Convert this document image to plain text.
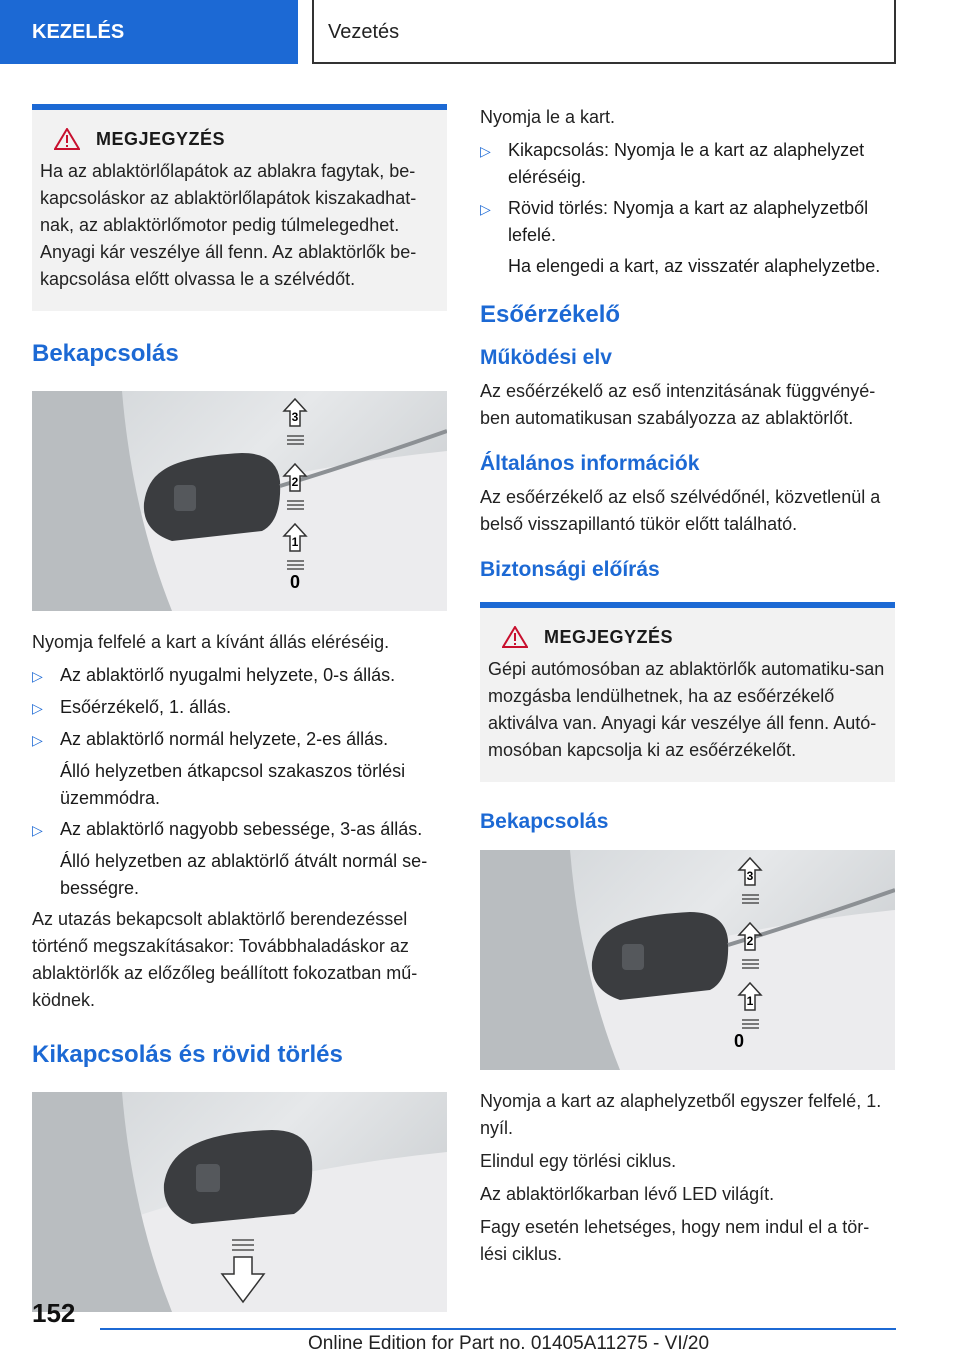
KEZELÉS	Vezetés
MEGJEGYZÉS
Ha az ablaktörlőlapátok az ablakra fagytak, be-kapcsoláskor az ablaktörlőlapátok kiszakadhat-nak, az ablaktörlőmotor pedig túlmelegedhet. Anyagi kár veszélye áll fenn. Az ablaktörlők be-kapcsolása előtt olvassa le a szélvédőt.
Bekapcsolás
3
2
1
0

Nyomja felfelé a kart a kívánt állás eléréséig.

▷ Az ablaktörlő nyugalmi helyzete, 0-s állás.
▷ Esőérzékelő, 1. állás.
▷ Az ablaktörlő normál helyzete, 2-es állás.
Álló helyzetben átkapcsol szakaszos törlési üzemmódra.
▷ Az ablaktörlő nagyobb sebessége, 3-as állás.
Álló helyzetben az ablaktörlő átvált normál se-bességre.

Az utazás bekapcsolt ablaktörlő berendezéssel történő megszakításakor: Továbbhaladáskor az ablaktörlők az előzőleg beállított fokozatban mű-ködnek.

Kikapcsolás és rövid törlés

Nyomja le a kart.

▷ Kikapcsolás: Nyomja le a kart az alaphelyzet eléréséig.
▷ Rövid törlés: Nyomja a kart az alaphelyzetből lefelé.
Ha elengedi a kart, az visszatér alaphelyzetbe.
Esőérzékelő
Működési elv

Az esőérzékelő az eső intenzitásának függvényé-ben automatikusan szabályozza az ablaktörlőt.

Általános információk

Az esőérzékelő az első szélvédőnél, közvetlenül a belső visszapillantó tükör előtt található.

Biztonsági előírás
MEGJEGYZÉS
Gépi autómosóban az ablaktörlők automatiku-san mozgásba lendülhetnek, ha az esőérzékelő aktiválva van. Anyagi kár veszélye áll fenn. Autó-mosóban kapcsolja ki az esőérzékelőt.
Bekapcsolás
3
2
1
0

Nyomja a kart az alaphelyzetből egyszer felfelé, 1. nyíl.

Elindul egy törlési ciklus.

Az ablaktörlőkarban lévő LED világít.

Fagy esetén lehetséges, hogy nem indul el a tör-lési ciklus.

152
Online Edition for Part no. 01405A11275 - VI/20
